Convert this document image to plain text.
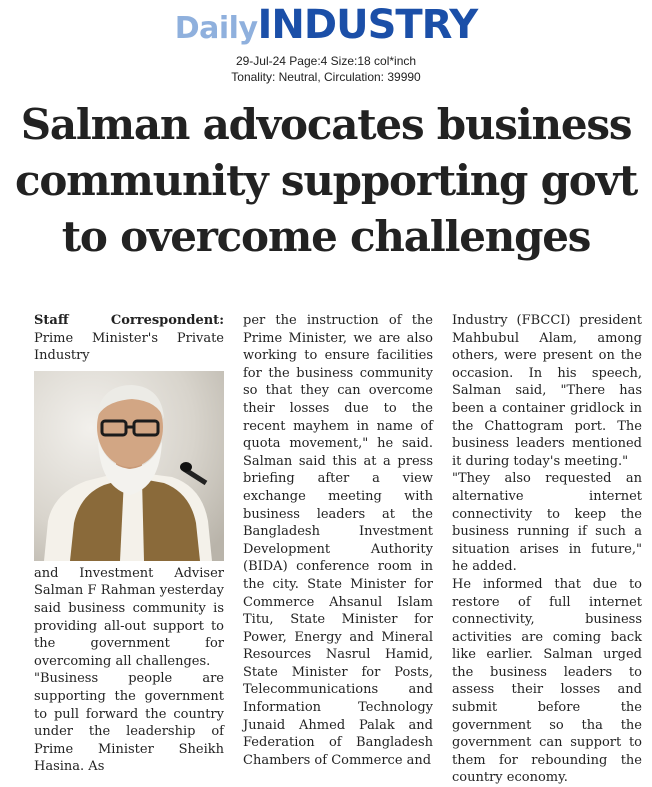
DailyINDUSTRY
29-Jul-24 Page:4 Size:18 col*inch
Tonality: Neutral, Circulation: 39990
Salman advocates business
community supporting govt
to overcome challenges

Staff Correspondent: Prime Minister's Private Industry

and Investment Adviser Salman F Rahman yesterday said business community is providing all-out support to the government for overcoming all challenges.

"Business people are supporting the government to pull forward the country under the leadership of Prime Minister Sheikh Hasina. As

per the instruction of the Prime Minister, we are also working to ensure facilities for the business community so that they can overcome their losses due to the recent mayhem in name of quota movement," he said. Salman said this at a press briefing after a view exchange meeting with business leaders at the Bangladesh Investment Development Authority (BIDA) conference room in the city. State Minister for Commerce Ahsanul Islam Titu, State Minister for Power, Energy and Mineral Resources Nasrul Hamid, State Minister for Posts, Telecommunications and Information Technology Junaid Ahmed Palak and Federation of Bangladesh Chambers of Commerce and

Industry (FBCCI) president Mahbubul Alam, among others, were present on the occasion. In his speech, Salman said, "There has been a container gridlock in the Chattogram port. The business leaders mentioned it during today's meeting."

"They also requested an alternative internet connectivity to keep the business running if such a situation arises in future," he added.

He informed that due to restore of full internet connectivity, business activities are coming back like earlier. Salman urged the business leaders to assess their losses and submit before the government so tha the government can support to them for rebounding the country economy.
